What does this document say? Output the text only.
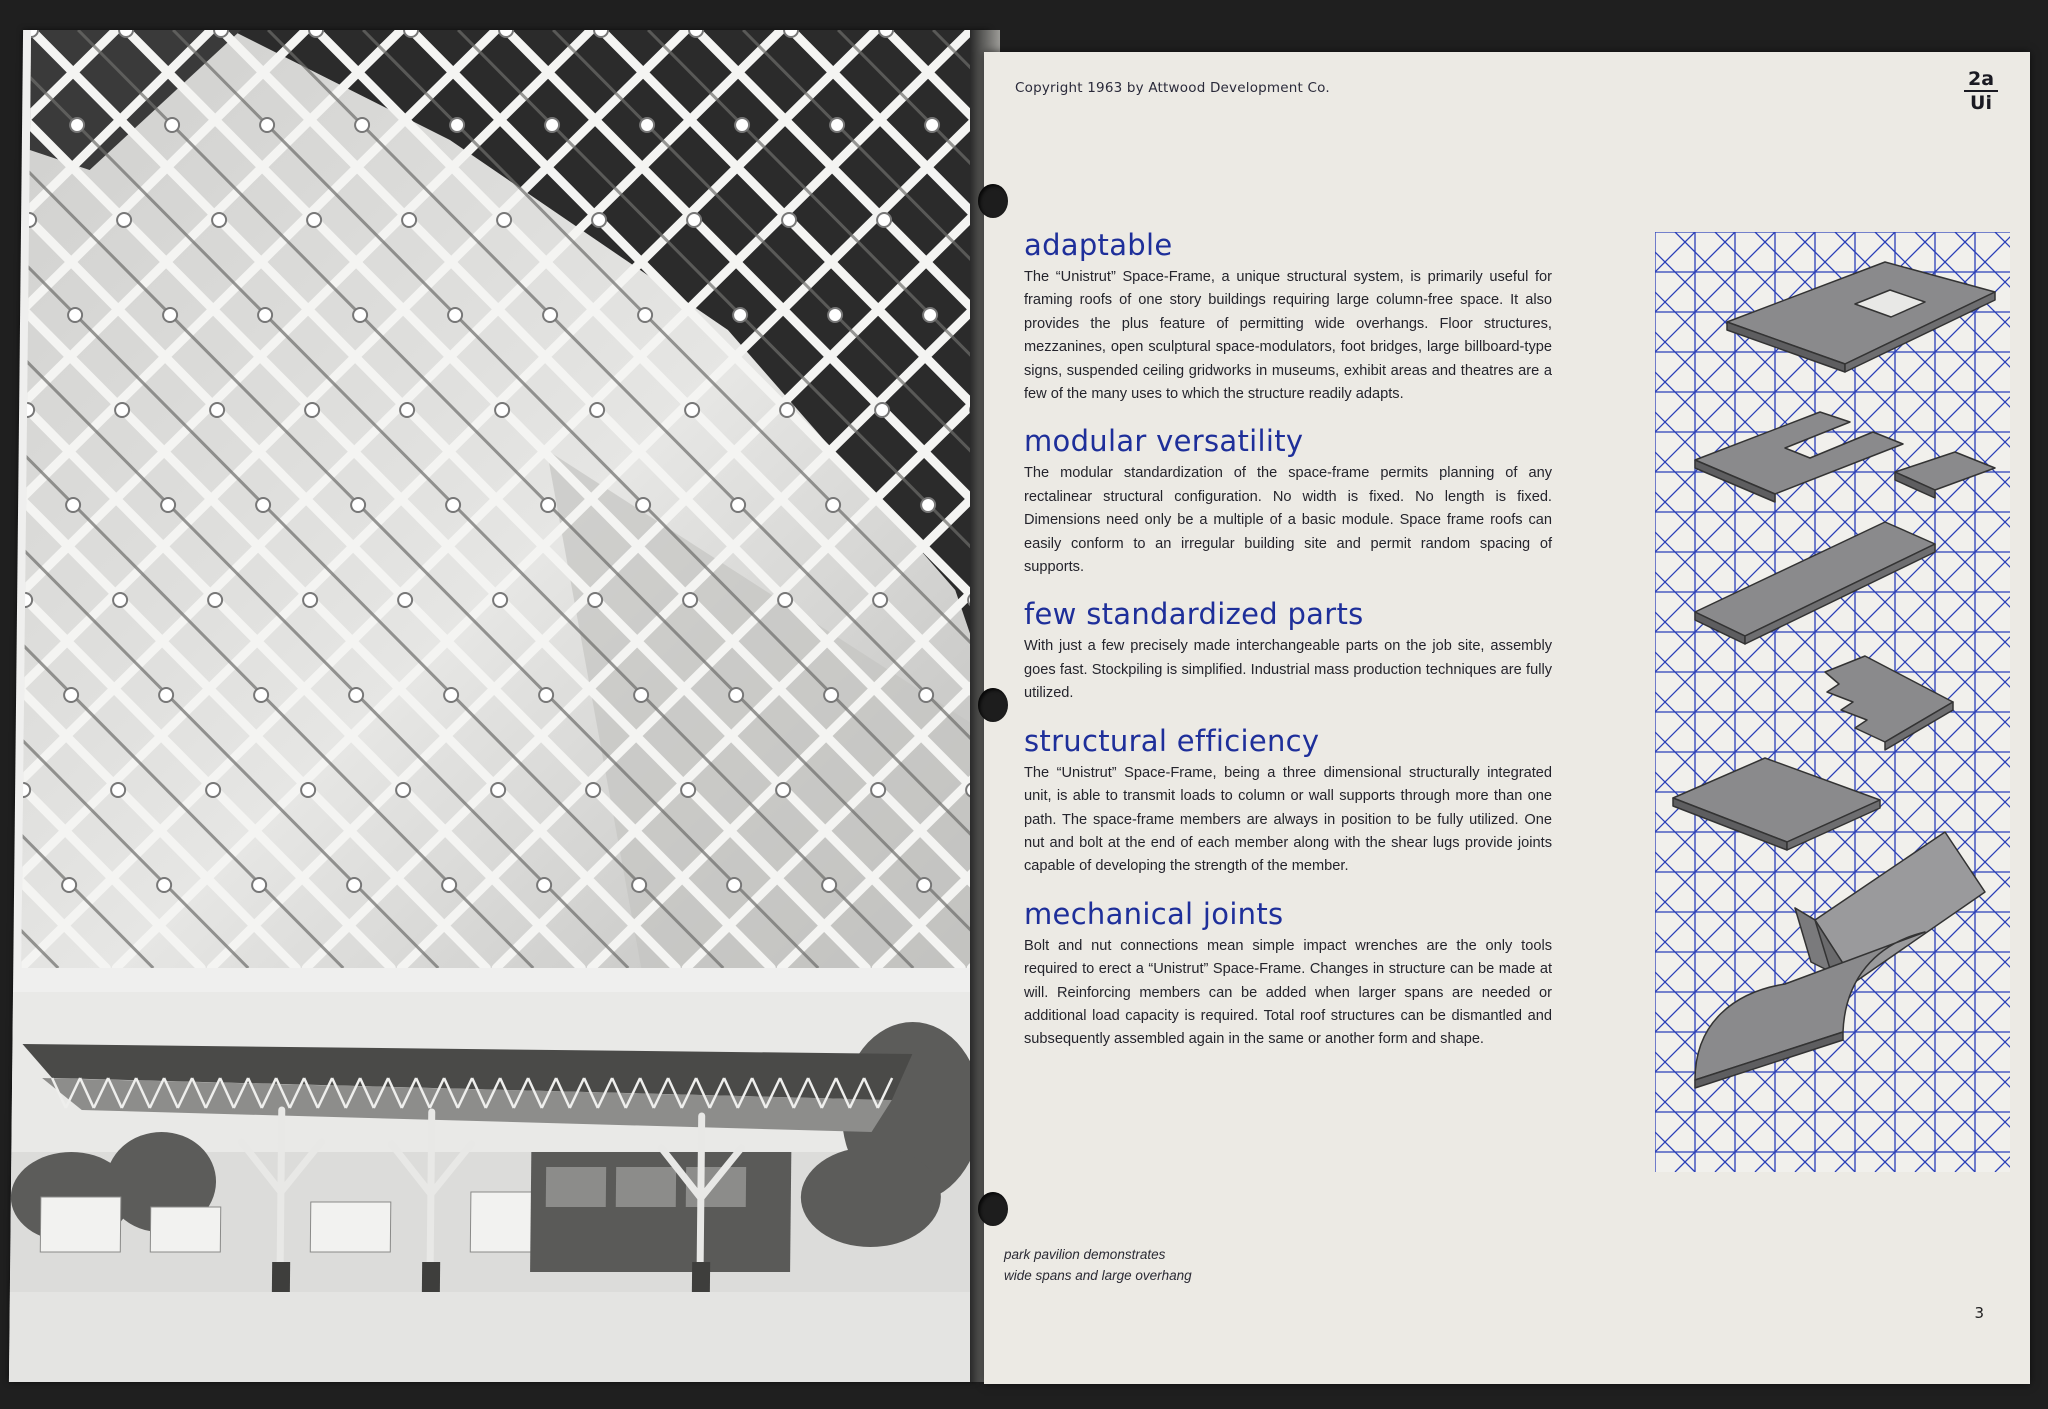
Copyright 1963 by Attwood Development Co.	2a
Ui
adaptable

The “Unistrut” Space-Frame, a unique structural system, is primarily useful for framing roofs of one story buildings requiring large column-free space. It also provides the plus feature of permitting wide overhangs. Floor structures, mezzanines, open sculptural space-modulators, foot bridges, large billboard-type signs, suspended ceiling gridworks in museums, exhibit areas and theatres are a few of the many uses to which the structure readily adapts.

modular versatility

The modular standardization of the space-frame permits planning of any rectalinear structural configuration. No width is fixed. No length is fixed. Dimensions need only be a multiple of a basic module. Space frame roofs can easily conform to an irregular building site and permit random spacing of supports.

few standardized parts

With just a few precisely made interchangeable parts on the job site, assembly goes fast. Stockpiling is simplified. Industrial mass production techniques are fully utilized.

structural efficiency

The “Unistrut” Space-Frame, being a three dimensional structurally integrated unit, is able to transmit loads to column or wall supports through more than one path. The space-frame members are always in position to be fully utilized. One nut and bolt at the end of each member along with the shear lugs provide joints capable of developing the strength of the member.

mechanical joints

Bolt and nut connections mean simple impact wrenches are the only tools required to erect a “Unistrut” Space-Frame. Changes in structure can be made at will. Reinforcing members can be added when larger spans are needed or additional load capacity is required. Total roof structures can be dismantled and subsequently assembled again in the same or another form and shape.

park pavilion demonstrates
wide spans and large overhang
3
